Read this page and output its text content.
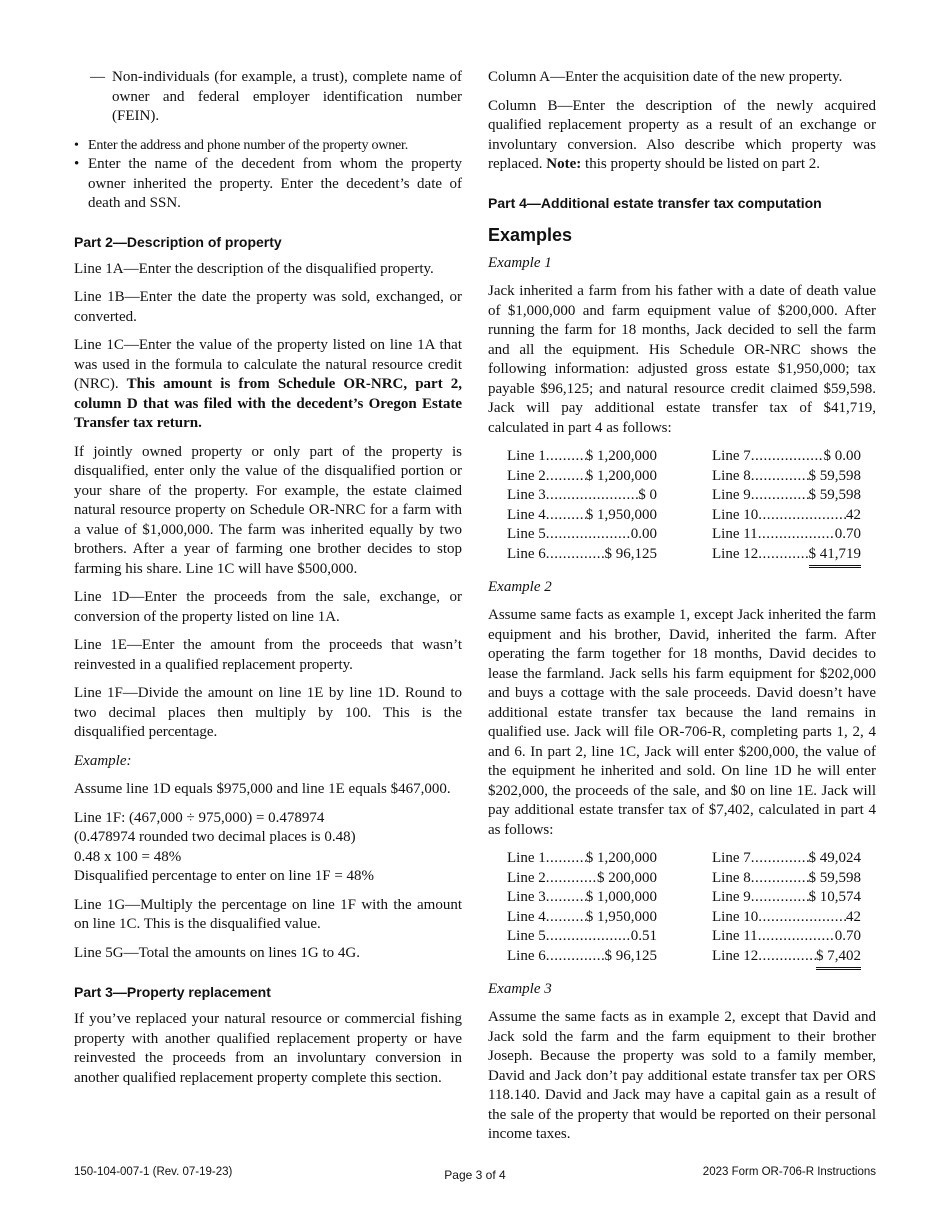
— Non-individuals (for example, a trust), complete name of owner and federal employer identification number (FEIN).

• Enter the address and phone number of the property owner.

• Enter the name of the decedent from whom the property owner inherited the property. Enter the decedent’s date of death and SSN.

Part 2—Description of property

Line 1A—Enter the description of the disqualified property.

Line 1B—Enter the date the property was sold, exchanged, or converted.

Line 1C—Enter the value of the property listed on line 1A that was used in the formula to calculate the natural resource credit (NRC). This amount is from Schedule OR-NRC, part 2, column D that was filed with the decedent’s Oregon Estate Transfer tax return.

If jointly owned property or only part of the property is disqualified, enter only the value of the disqualified portion or your share of the property. For example, the estate claimed natural resource property on Schedule OR-NRC for a farm with a value of $1,000,000. The farm was inherited equally by two brothers. After a year of farming one brother decides to stop farming his share. Line 1C will have $500,000.

Line 1D—Enter the proceeds from the sale, exchange, or conversion of the property listed on line 1A.

Line 1E—Enter the amount from the proceeds that wasn’t reinvested in a qualified replacement property.

Line 1F—Divide the amount on line 1E by line 1D. Round to two decimal places then multiply by 100. This is the disqualified percentage.

Example:

Assume line 1D equals $975,000 and line 1E equals $467,000.

Line 1F: (467,000 ÷ 975,000) = 0.478974
(0.478974 rounded two decimal places is 0.48)
0.48 x 100 = 48%
Disqualified percentage to enter on line 1F = 48%

Line 1G—Multiply the percentage on line 1F with the amount on line 1C. This is the disqualified value.

Line 5G—Total the amounts on lines 1G to 4G.

Part 3—Property replacement

If you’ve replaced your natural resource or commercial fishing property with another qualified replacement property or have reinvested the proceeds from an involuntary conversion in another qualified replacement property complete this section.

Column A—Enter the acquisition date of the new property.

Column B—Enter the description of the newly acquired qualified replacement property as a result of an exchange or involuntary conversion. Also describe which property was replaced. Note: this property should be listed on part 2.

Part 4—Additional estate transfer tax computation
Examples

Example 1

Jack inherited a farm from his father with a date of death value of $1,000,000 and farm equipment value of $200,000. After running the farm for 18 months, Jack decided to sell the farm and all the equipment. His Schedule OR-NRC shows the following information: adjusted gross estate $1,950,000; tax payable $96,125; and natural resource credit claimed $59,598. Jack will pay additional estate transfer tax of $41,719, calculated in part 4 as follows:

Line 1 .....	$ 1,200,000
Line 2 .....	$ 1,200,000
Line 3 .....	$ 0
Line 4 .....	$ 1,950,000
Line 5 .....	0.00
Line 6 .....	$ 96,125
Line 7 .....	$ 0.00
Line 8 .....	$ 59,598
Line 9 .....	$ 59,598
Line 10 .....	42
Line 11 .....	0.70
Line 12 .....	$ 41,719

Example 2

Assume same facts as example 1, except Jack inherited the farm equipment and his brother, David, inherited the farm. After operating the farm together for 18 months, David decides to lease the farmland. Jack sells his farm equipment for $202,000 and buys a cottage with the sale proceeds. David doesn’t have additional estate transfer tax because the land remains in qualified use. Jack will file OR-706-R, completing parts 1, 2, 4 and 6. In part 2, line 1C, Jack will enter $200,000, the value of the equipment he inherited and sold. On line 1D he will enter $202,000, the proceeds of the sale, and $0 on line 1E. Jack will pay additional estate transfer tax of $7,402, calculated in part 4 as follows:

Line 1 .....	$ 1,200,000
Line 2 .....	$ 200,000
Line 3 .....	$ 1,000,000
Line 4 .....	$ 1,950,000
Line 5 .....	0.51
Line 6 .....	$ 96,125
Line 7 .....	$ 49,024
Line 8 .....	$ 59,598
Line 9 .....	$ 10,574
Line 10 .....	42
Line 11 .....	0.70
Line 12 .....	$ 7,402

Example 3

Assume the same facts as in example 2, except that David and Jack sold the farm and the farm equipment to their brother Joseph. Because the property was sold to a family member, David and Jack don’t pay additional estate transfer tax per ORS 118.140. David and Jack may have a capital gain as a result of the sale of the property that would be reported on their personal income taxes.

150-104-007-1 (Rev. 07-19-23)	Page 3 of 4	2023 Form OR-706-R Instructions
